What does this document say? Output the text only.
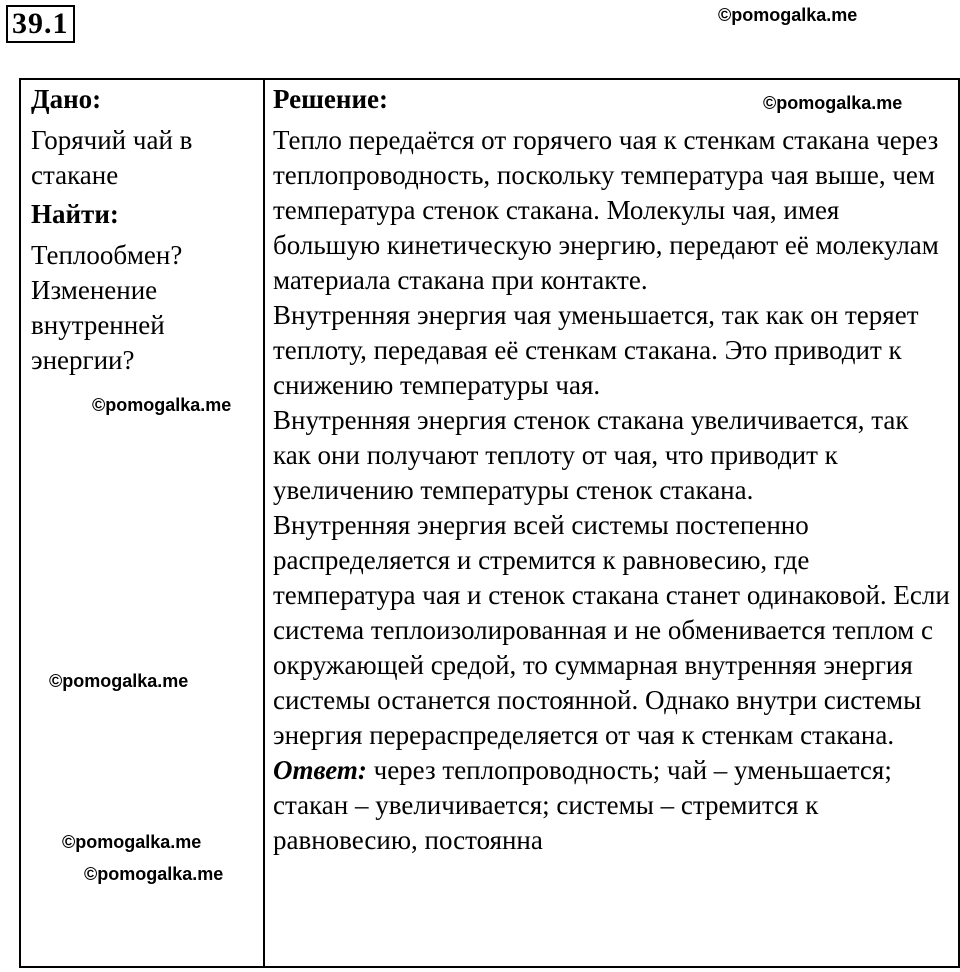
39.1	©pomogalka.me
Дано:
Горячий чай в стакане
Найти:
Теплообмен?
Изменение внутренней энергии?
Решение:
Тепло передаётся от горячего чая к стенкам стакана через теплопроводность, поскольку температура чая выше, чем температура стенок стакана. Молекулы чая, имея большую кинетическую энергию, передают её молекулам материала стакана при контакте.
Внутренняя энергия чая уменьшается, так как он теряет теплоту, передавая её стенкам стакана. Это приводит к снижению температуры чая.
Внутренняя энергия стенок стакана увеличивается, так как они получают теплоту от чая, что приводит к увеличению температуры стенок стакана.
Внутренняя энергия всей системы постепенно распределяется и стремится к равновесию, где температура чая и стенок стакана станет одинаковой. Если система теплоизолированная и не обменивается теплом с окружающей средой, то суммарная внутренняя энергия системы останется постоянной. Однако внутри системы энергия перераспределяется от чая к стенкам стакана.
Ответ: через теплопроводность; чай – уменьшается; стакан – увеличивается; системы – стремится к равновесию, постоянна
©pomogalka.me
©pomogalka.me
©pomogalka.me
©pomogalka.me
©pomogalka.me
